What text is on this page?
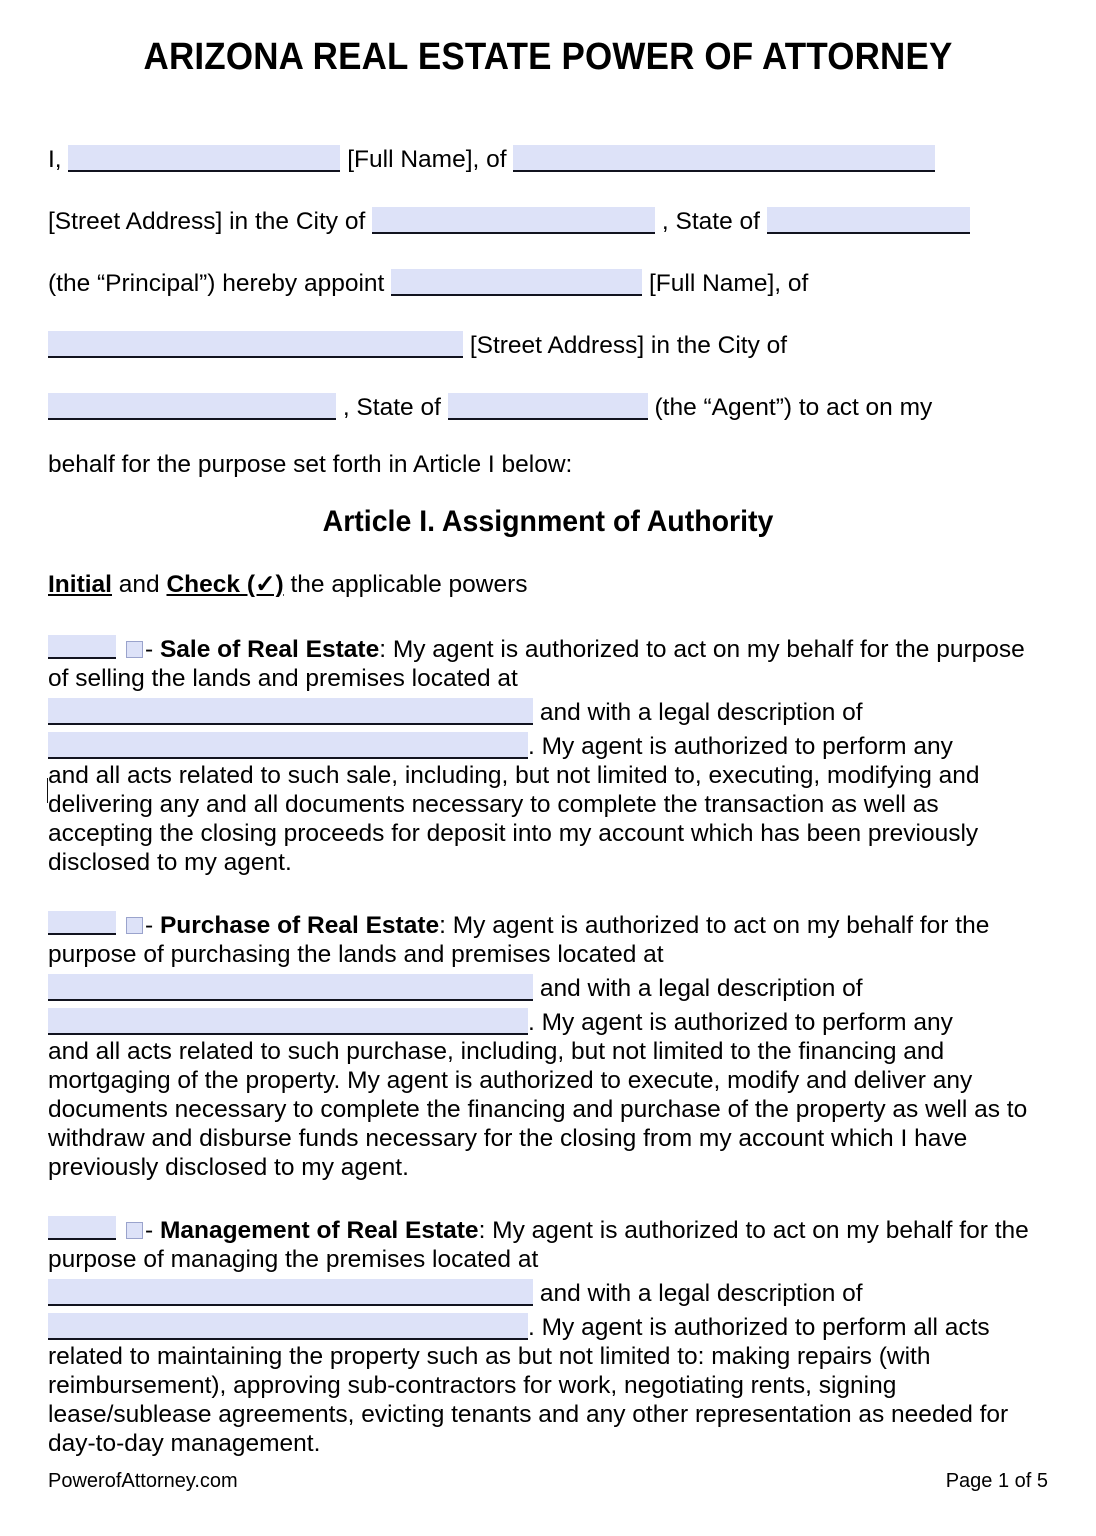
ARIZONA REAL ESTATE POWER OF ATTORNEY

I,	[Full Name], of

[Street Address] in the City of	, State of

(the “Principal”) hereby appoint	[Full Name], of

[Street Address] in the City of

, State of	(the “Agent”) to act on my

behalf for the purpose set forth in Article I below:

Article I. Assignment of Authority

Initial and Check (✓) the applicable powers

- Sale of Real Estate: My agent is authorized to act on my behalf for the purpose of selling the lands and premises located at

and with a legal description of

. My agent is authorized to perform any

and all acts related to such sale, including, but not limited to, executing, modifying and delivering any and all documents necessary to complete the transaction as well as accepting the closing proceeds for deposit into my account which has been previously disclosed to my agent.

- Purchase of Real Estate: My agent is authorized to act on my behalf for the purpose of purchasing the lands and premises located at

and with a legal description of

. My agent is authorized to perform any

and all acts related to such purchase, including, but not limited to the financing and mortgaging of the property. My agent is authorized to execute, modify and deliver any documents necessary to complete the financing and purchase of the property as well as to withdraw and disburse funds necessary for the closing from my account which I have previously disclosed to my agent.

- Management of Real Estate: My agent is authorized to act on my behalf for the purpose of managing the premises located at

and with a legal description of

. My agent is authorized to perform all acts

related to maintaining the property such as but not limited to: making repairs (with reimbursement), approving sub-contractors for work, negotiating rents, signing lease/sublease agreements, evicting tenants and any other representation as needed for day-to-day management.

PowerofAttorney.com	Page 1 of 5
